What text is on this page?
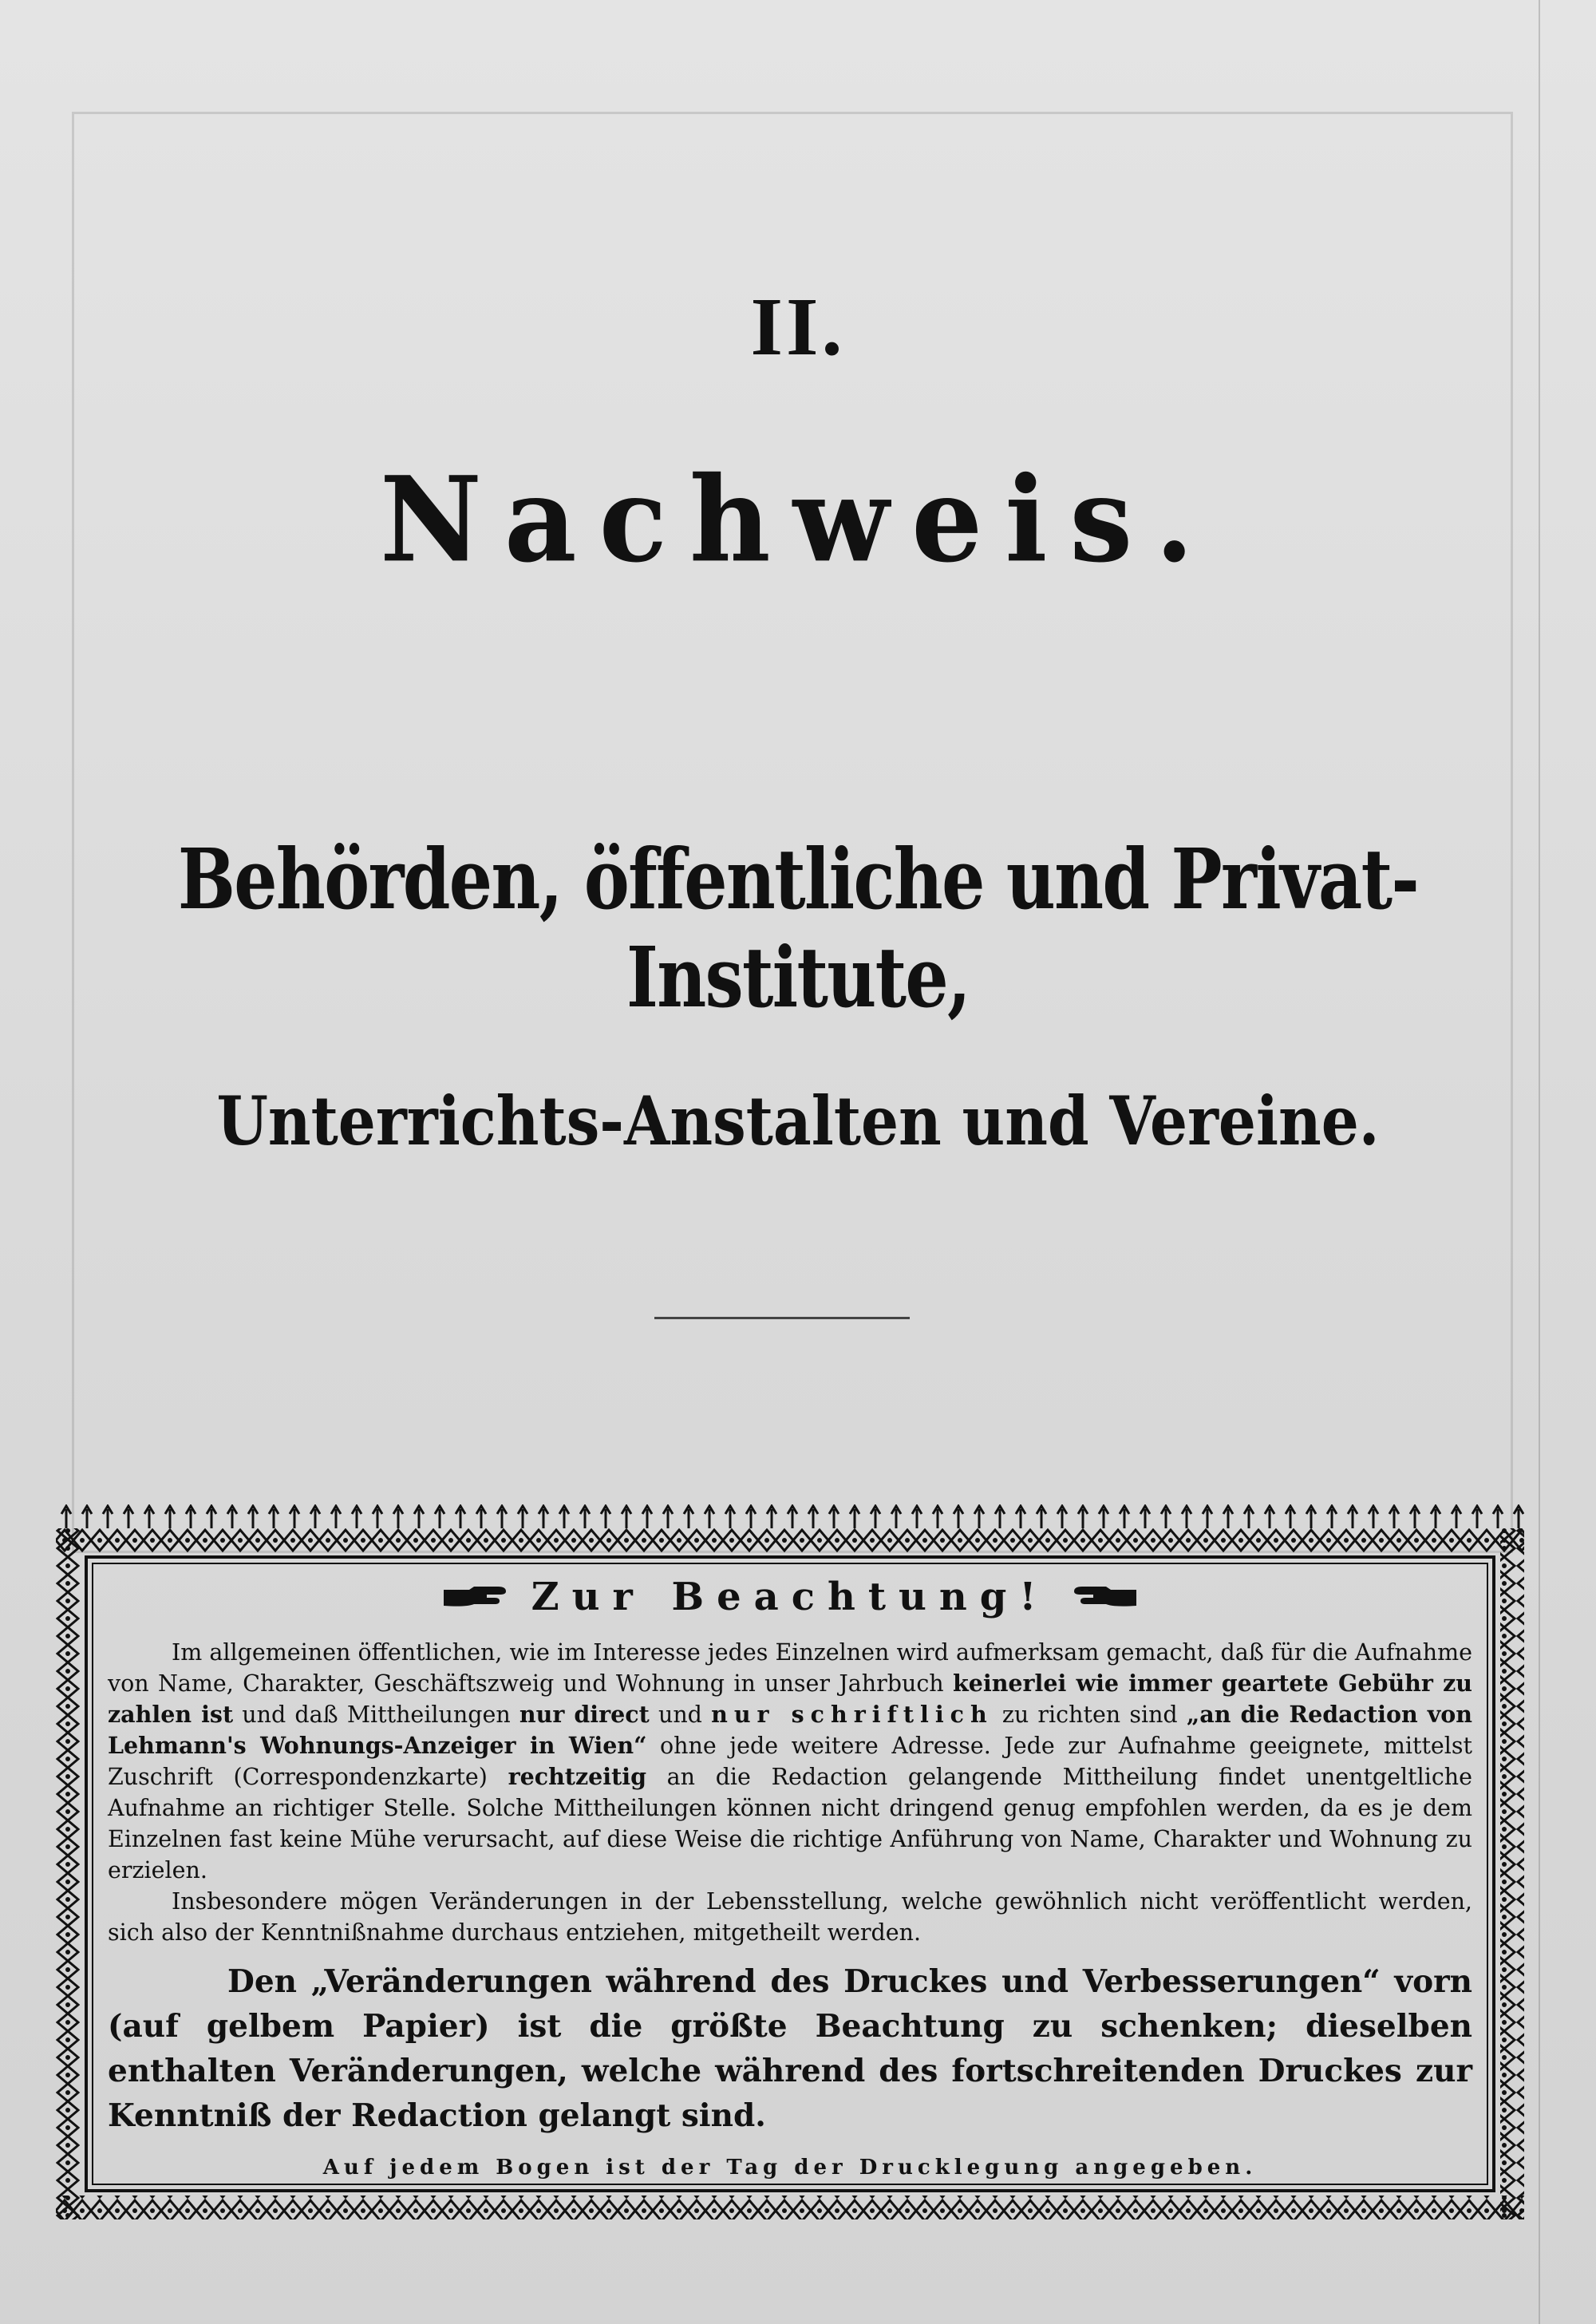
II.
Nachweis.
Behörden, öffentliche und Privat-Institute,
Unterrichts-Anstalten und Vereine.
Zur Beachtung!

Im allgemeinen öffentlichen, wie im Interesse jedes Einzelnen wird aufmerksam gemacht, daß für die Aufnahme von Name, Charakter, Geschäftszweig und Wohnung in unser Jahrbuch keinerlei wie immer geartete Gebühr zu zahlen ist und daß Mittheilungen nur direct und nur schriftlich zu richten sind „an die Redaction von Lehmann's Wohnungs-Anzeiger in Wien“ ohne jede weitere Adresse. Jede zur Aufnahme geeignete, mittelst Zuschrift (Correspondenzkarte) rechtzeitig an die Redaction gelangende Mittheilung findet unentgeltliche Aufnahme an richtiger Stelle. Solche Mittheilungen können nicht dringend genug empfohlen werden, da es je dem Einzelnen fast keine Mühe verursacht, auf diese Weise die richtige Anführung von Name, Charakter und Wohnung zu erzielen.

Insbesondere mögen Veränderungen in der Lebensstellung, welche gewöhnlich nicht veröffentlicht werden, sich also der Kenntnißnahme durchaus entziehen, mitgetheilt werden.

Den „Veränderungen während des Druckes und Verbesserungen“ vorn (auf gelbem Papier) ist die größte Beachtung zu schenken; dieselben enthalten Veränderungen, welche während des fortschreitenden Druckes zur Kenntniß der Redaction gelangt sind.

Auf jedem Bogen ist der Tag der Drucklegung angegeben.
